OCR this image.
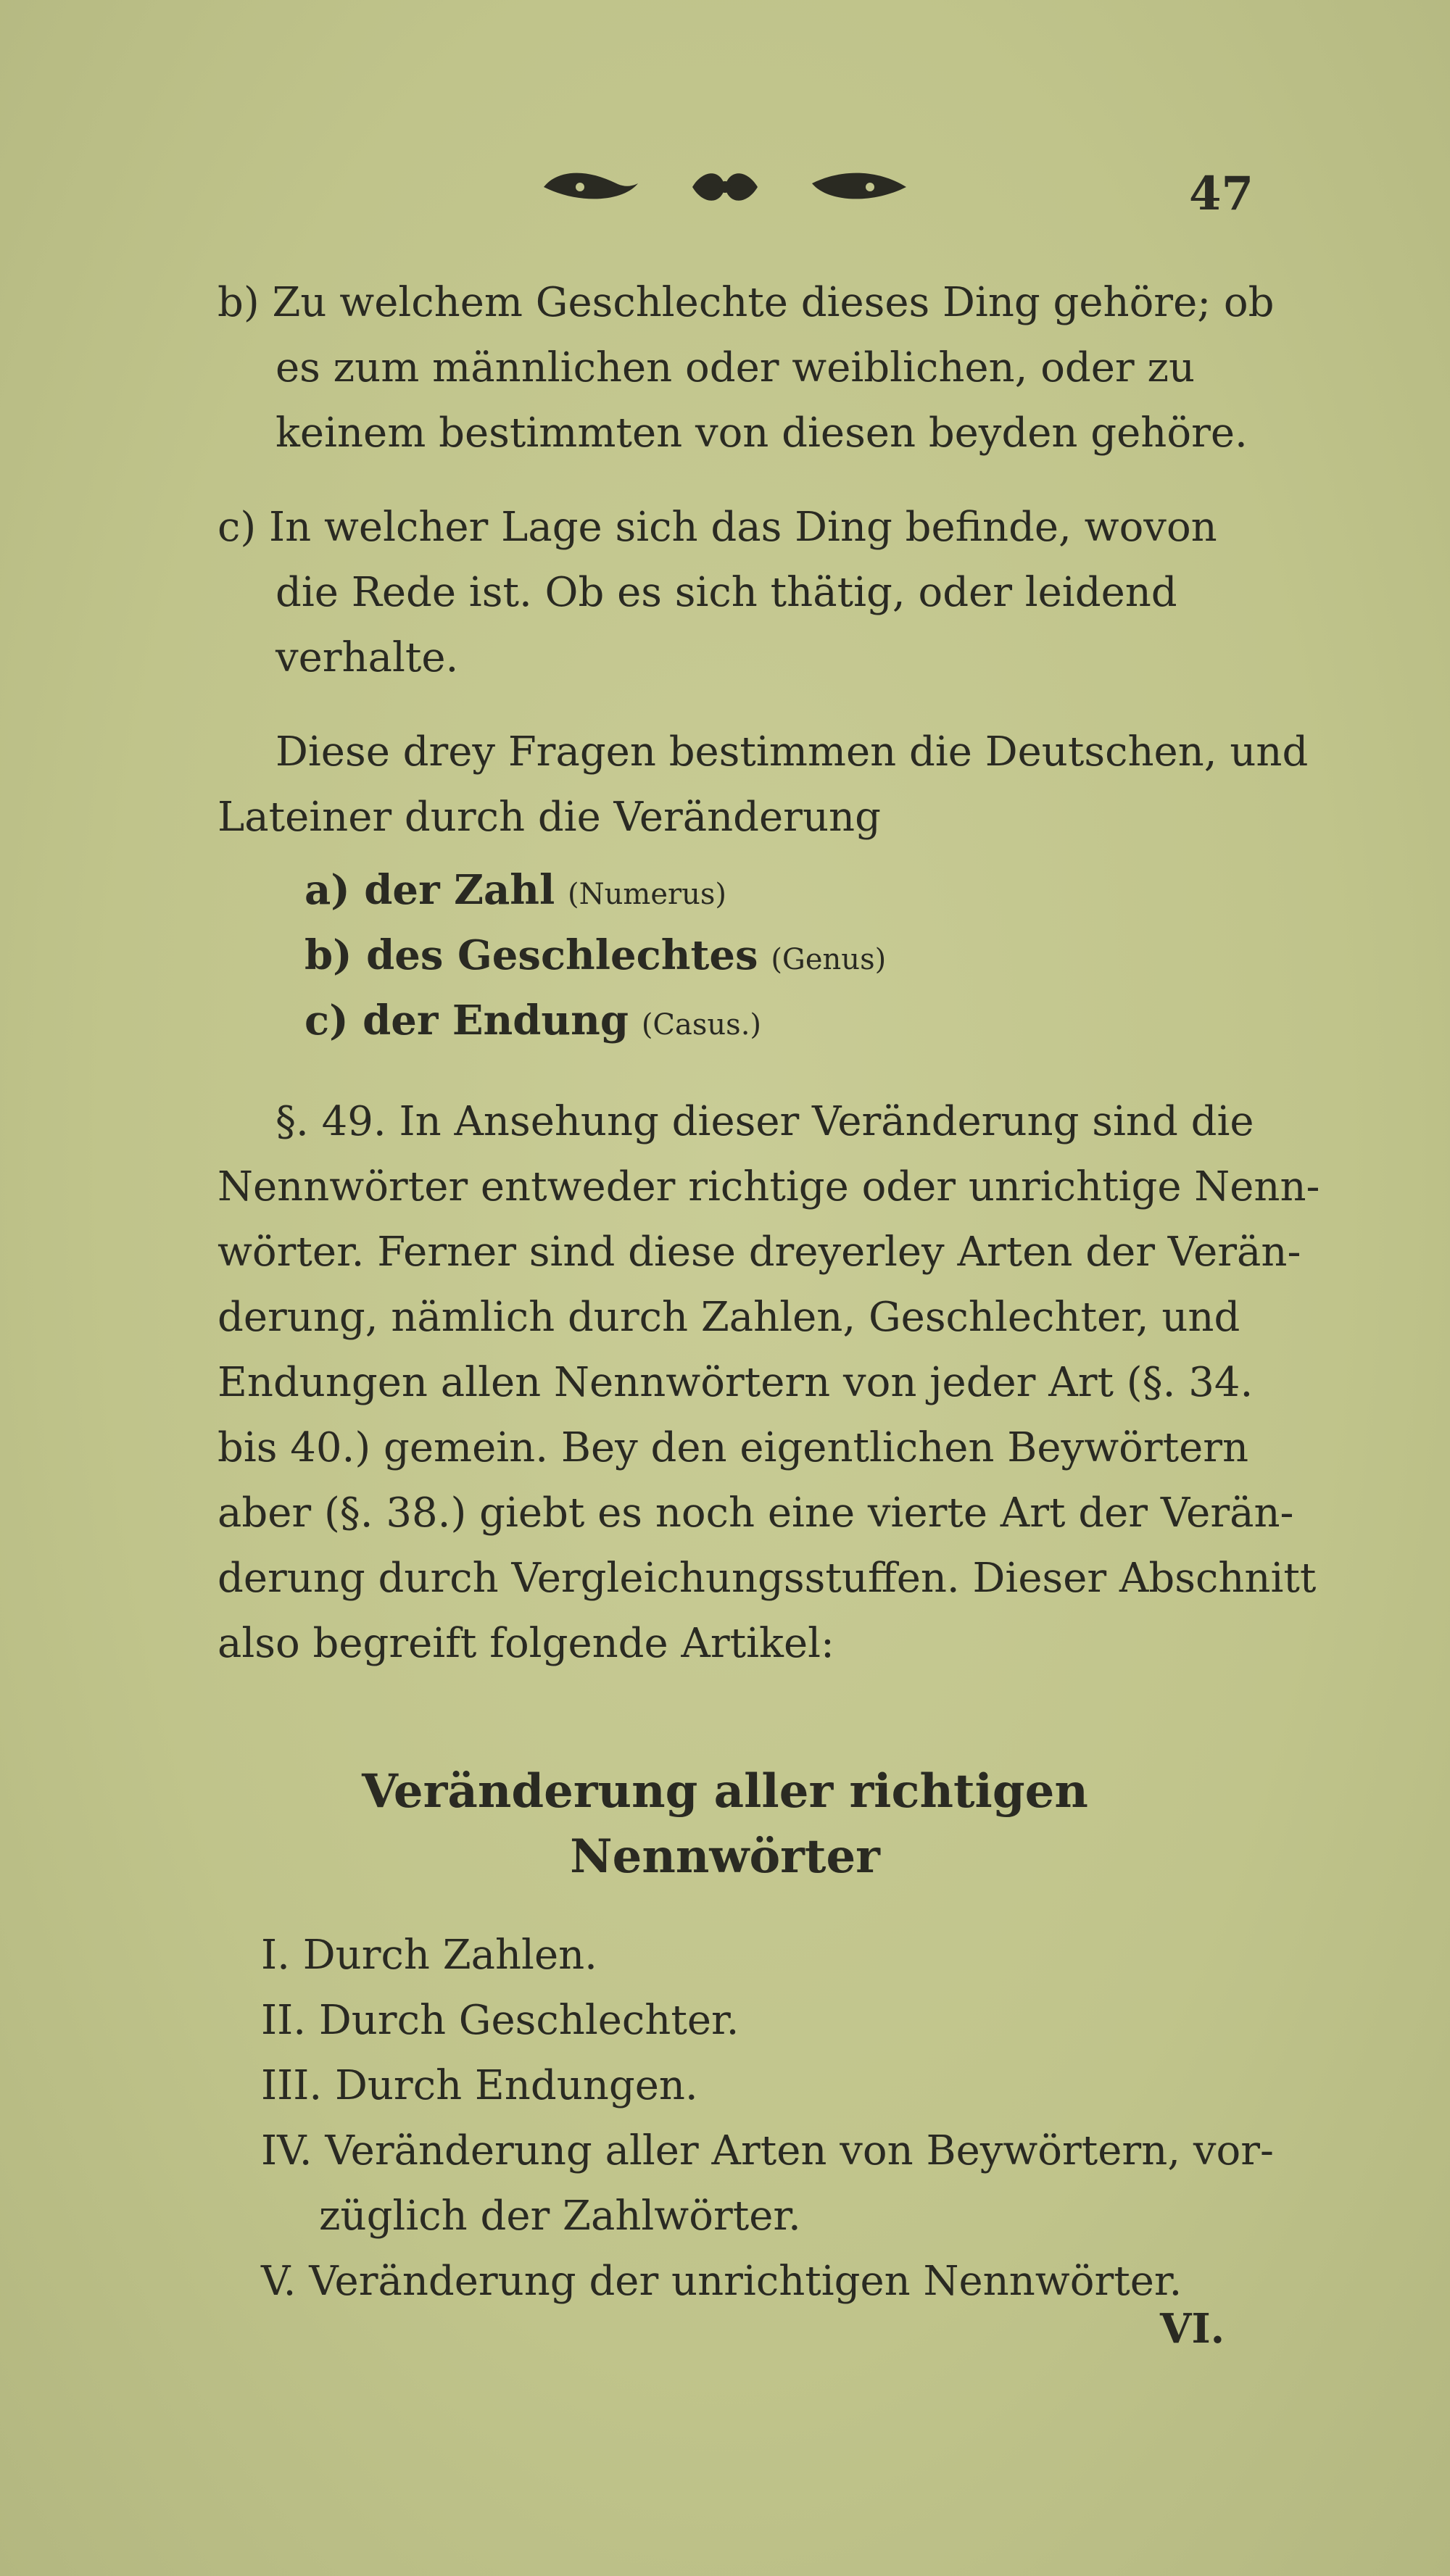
47
b) Zu welchem Geschlechte dieses Ding gehöre; ob
es zum männlichen oder weiblichen, oder zu
keinem bestimmten von diesen beyden gehöre.
c) In welcher Lage sich das Ding befinde, wovon
die Rede ist. Ob es sich thätig, oder leidend
verhalte.
Diese drey Fragen bestimmen die Deutschen, und
Lateiner durch die Veränderung
a) der Zahl (Numerus)
b) des Geschlechtes (Genus)
c) der Endung (Casus.)
§. 49. In Ansehung dieser Veränderung sind die
Nennwörter entweder richtige oder unrichtige Nenn-
wörter. Ferner sind diese dreyerley Arten der Verän-
derung, nämlich durch Zahlen, Geschlechter, und
Endungen allen Nennwörtern von jeder Art (§. 34.
bis 40.) gemein. Bey den eigentlichen Beywörtern
aber (§. 38.) giebt es noch eine vierte Art der Verän-
derung durch Vergleichungsstuffen. Dieser Abschnitt
also begreift folgende Artikel:
Veränderung aller richtigen
Nennwörter
I. Durch Zahlen.
II. Durch Geschlechter.
III. Durch Endungen.
IV. Veränderung aller Arten von Beywörtern, vor-
züglich der Zahlwörter.
V. Veränderung der unrichtigen Nennwörter.
VI.
